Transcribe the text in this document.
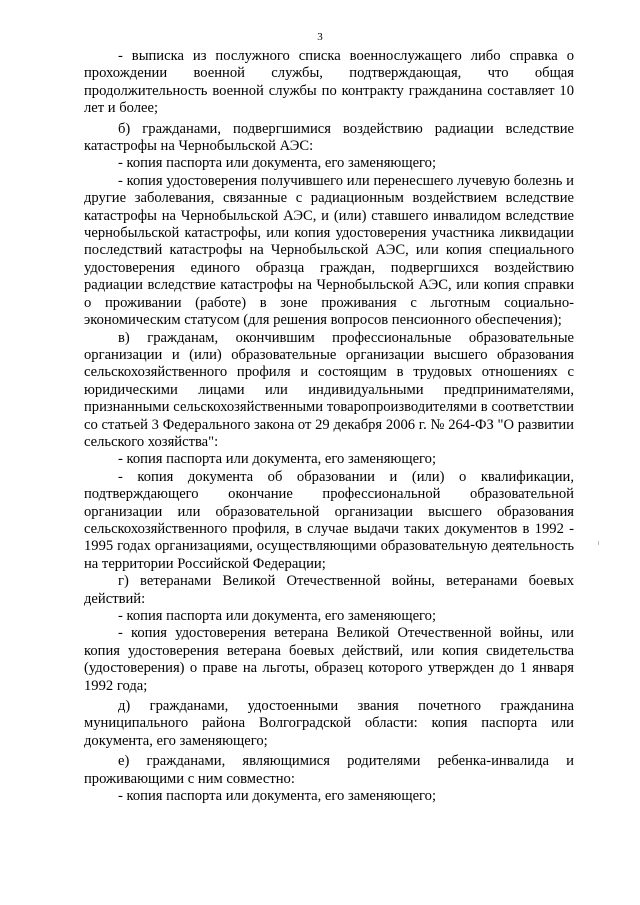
3

- выписка из послужного списка военнослужащего либо справка о прохождении военной службы, подтверждающая, что общая продолжительность военной службы по контракту гражданина составляет 10 лет и более;

б) гражданами, подвергшимися воздействию радиации вследствие катастрофы на Чернобыльской АЭС:

- копия паспорта или документа, его заменяющего;

- копия удостоверения получившего или перенесшего лучевую болезнь и другие заболевания, связанные с радиационным воздействием вследствие катастрофы на Чернобыльской АЭС, и (или) ставшего инвалидом вследствие чернобыльской катастрофы, или копия удостоверения участника ликвидации последствий катастрофы на Чернобыльской АЭС, или копия специального удостоверения единого образца граждан, подвергшихся воздействию радиации вследствие катастрофы на Чернобыльской АЭС, или копия справки о проживании (работе) в зоне проживания с льготным социально-экономическим статусом (для решения вопросов пенсионного обеспечения);

в) гражданам, окончившим профессиональные образовательные организации и (или) образовательные организации высшего образования сельскохозяйственного профиля и состоящим в трудовых отношениях с юридическими лицами или индивидуальными предпринимателями, признанными сельскохозяйственными товаропроизводителями в соответствии со статьей 3 Федерального закона от 29 декабря 2006 г. № 264-ФЗ "О развитии сельского хозяйства":

- копия паспорта или документа, его заменяющего;

- копия документа об образовании и (или) о квалификации, подтверждающего окончание профессиональной образовательной организации или образовательной организации высшего образования сельскохозяйственного профиля, в случае выдачи таких документов в 1992 - 1995 годах организациями, осуществляющими образовательную деятельность на территории Российской Федерации;

г) ветеранами Великой Отечественной войны, ветеранами боевых действий:

- копия паспорта или документа, его заменяющего;

- копия удостоверения ветерана Великой Отечественной войны, или копия удостоверения ветерана боевых действий, или копия свидетельства (удостоверения) о праве на льготы, образец которого утвержден до 1 января 1992 года;

д) гражданами, удостоенными звания почетного гражданина муниципального района Волгоградской области: копия паспорта или документа, его заменяющего;

е) гражданами, являющимися родителями ребенка-инвалида и проживающими с ним совместно:

- копия паспорта или документа, его заменяющего;
